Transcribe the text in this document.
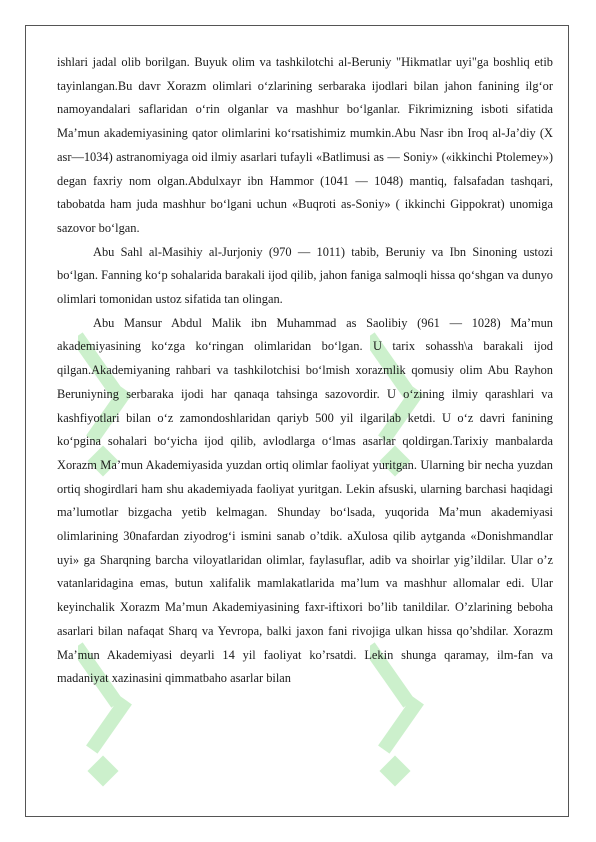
ishlari jadal olib borilgan. Buyuk olim va tashkilotchi al-Beruniy "Hikmatlar uyi"ga boshliq etib tayinlangan.Bu davr Xorazm olimlari o‘zlarining serbaraka ijodlari bilan jahon fanining ilg‘or namoyandalari saflaridan o‘rin olganlar va mashhur bo‘lganlar. Fikrimizning isboti sifatida Ma’mun akademiyasining qator olimlarini ko‘rsatishimiz mumkin.Abu Nasr ibn Iroq al-Ja’diy (X asr—1034) astranomiyaga oid ilmiy asarlari tufayli «Batlimusi as — Soniy» («ikkinchi Ptolemey») degan faxriy nom olgan.Abdulxayr ibn Hammor (1041 — 1048) mantiq, falsafadan tashqari, tabobatda ham juda mashhur bo‘lgani uchun «Buqroti as-Soniy» ( ikkinchi Gippokrat) unomiga sazovor bo‘lgan.

Abu Sahl al-Masihiy al-Jurjoniy (970 — 1011) tabib, Beruniy va Ibn Sinoning ustozi bo‘lgan. Fanning ko‘p sohalarida barakali ijod qilib, jahon faniga salmoqli hissa qo‘shgan va dunyo olimlari tomonidan ustoz sifatida tan olingan.

Abu Mansur Abdul Malik ibn Muhammad as Saolibiy (961 — 1028) Ma’mun akademiyasining ko‘zga ko‘ringan olimlaridan bo‘lgan. U tarix sohassh\a barakali ijod qilgan.Akademiyaning rahbari va tashkilotchisi bo‘lmish xorazmlik qomusiy olim Abu Rayhon Beruniyning serbaraka ijodi har qanaqa tahsinga sazovordir. U o‘zining ilmiy qarashlari va kashfiyotlari bilan o‘z zamondoshlaridan qariyb 500 yil ilgarilab ketdi. U o‘z davri fanining ko‘pgina sohalari bo‘yicha ijod qilib, avlodlarga o‘lmas asarlar qoldirgan.Tarixiy manbalarda Xorazm Ma’mun Akademiyasida yuzdan ortiq olimlar faoliyat yuritgan. Ularning bir necha yuzdan ortiq shogirdlari ham shu akademiyada faoliyat yuritgan. Lekin afsuski, ularning barchasi haqidagi ma’lumotlar bizgacha yetib kelmagan. Shunday bo‘lsada, yuqorida Ma’mun akademiyasi olimlarining 30nafardan ziyodrog‘i ismini sanab o’tdik. aXulosa qilib aytganda «Donishmandlar uyi» ga Sharqning barcha viloyatlaridan olimlar, faylasuflar, adib va shoirlar yig’ildilar. Ular o’z vatanlaridagina emas, butun xalifalik mamlakatlarida ma’lum va mashhur allomalar edi. Ular keyinchalik Xorazm Ma’mun Akademiyasining faxr-iftixori bo’lib tanildilar. O’zlarining beboha asarlari bilan nafaqat Sharq va Yevropa, balki jaxon fani rivojiga ulkan hissa qo’shdilar. Xorazm Ma’mun Akademiyasi deyarli 14 yil faoliyat ko’rsatdi. Lekin shunga qaramay, ilm-fan va madaniyat xazinasini qimmatbaho asarlar bilan
